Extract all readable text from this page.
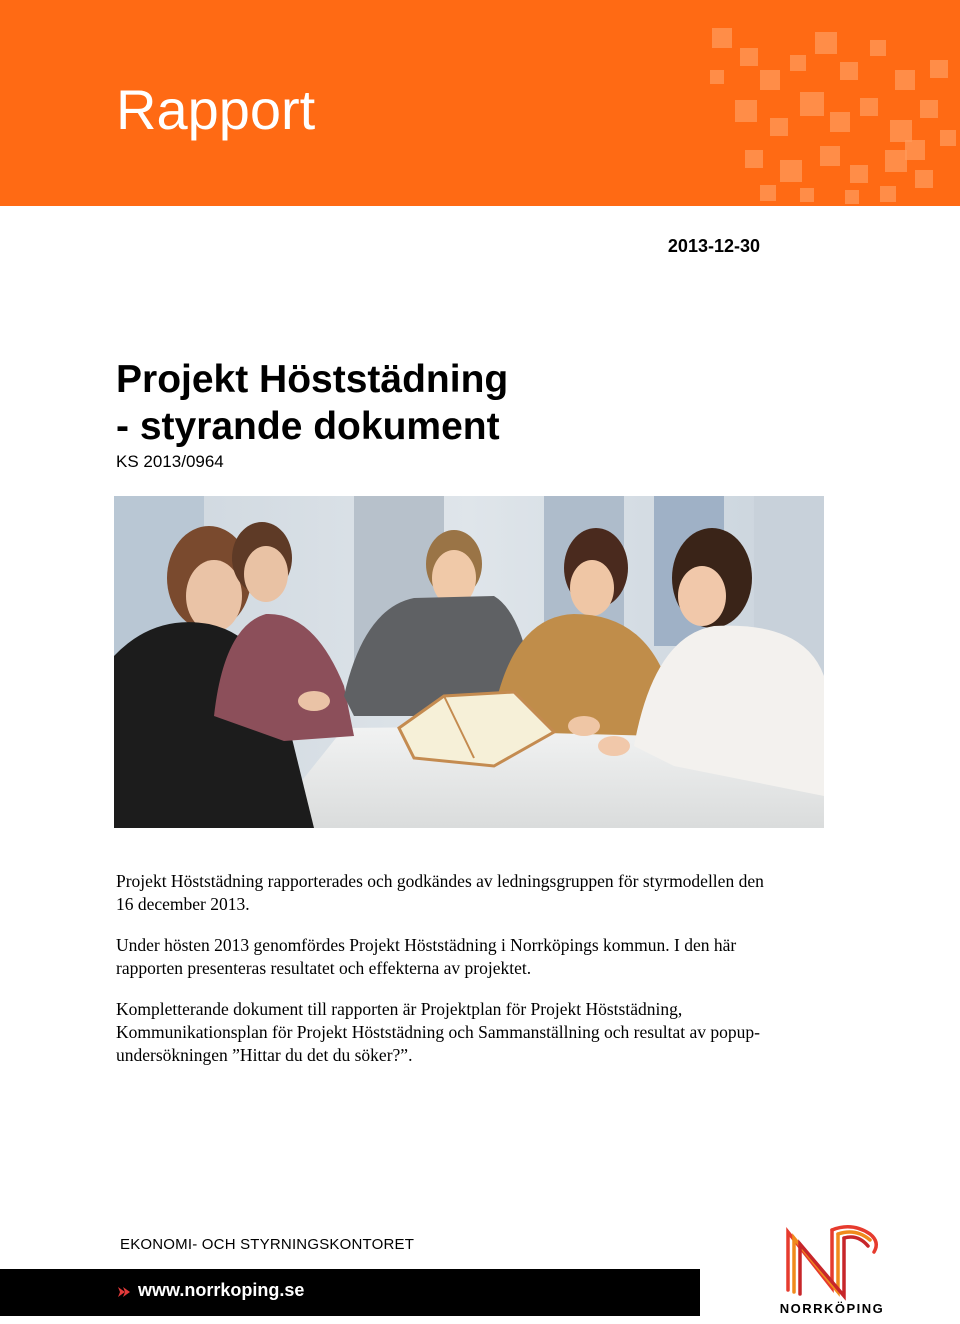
Rapport
2013-12-30
Projekt Höststädning
- styrande dokument
KS 2013/0964

Projekt Höststädning rapporterades och godkändes av ledningsgruppen för styrmodellen den 16 december 2013.

Under hösten 2013 genomfördes Projekt Höststädning i Norrköpings kommun. I den här rapporten presenteras resultatet och effekterna av projektet.

Kompletterande dokument till rapporten är Projektplan för Projekt Höststädning, Kommunikationsplan för Projekt Höststädning och Sammanställning och resultat av popup-undersökningen ”Hittar du det du söker?”.

EKONOMI- OCH STYRNINGSKONTORET
www.norrkoping.se
NORRKÖPING
